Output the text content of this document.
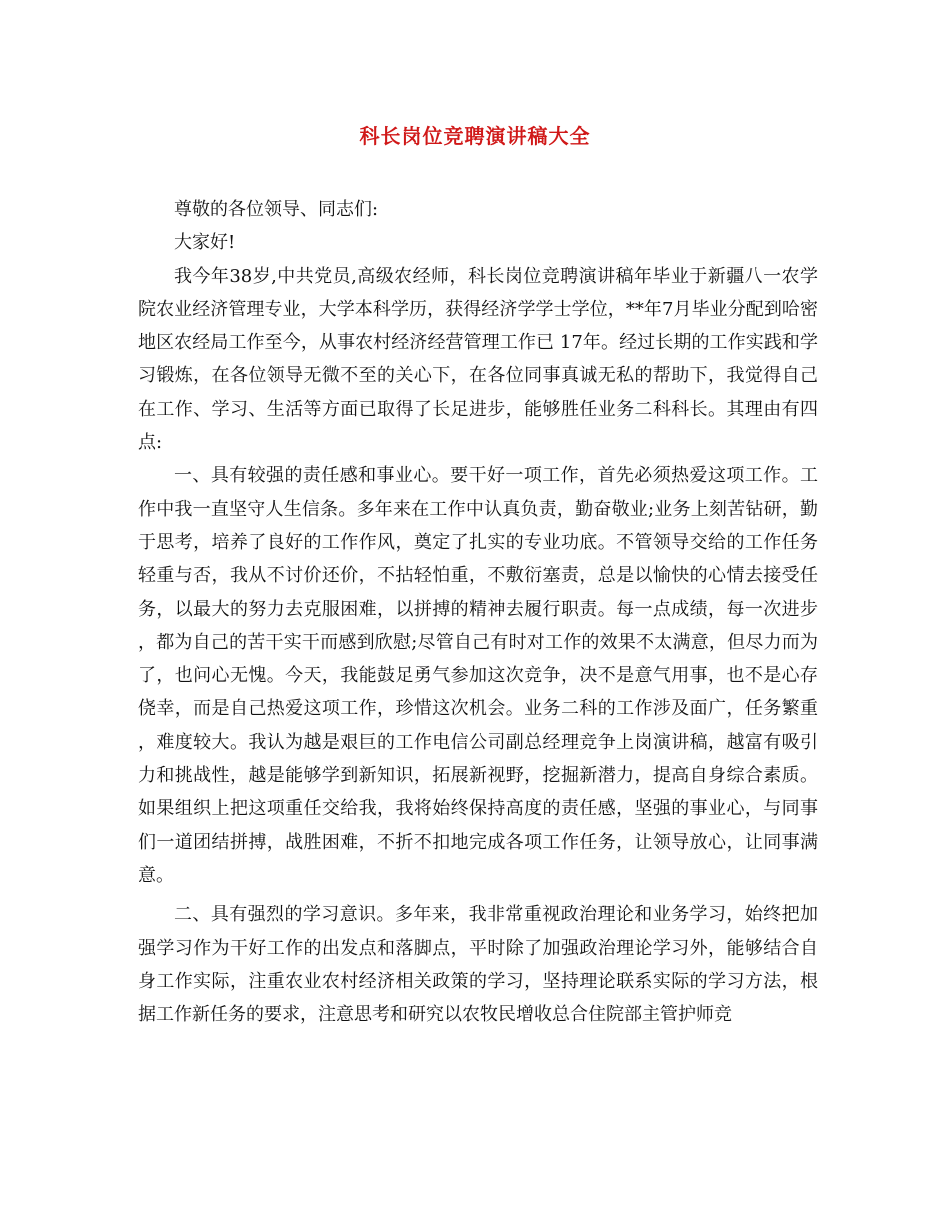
科长岗位竞聘演讲稿大全

尊敬的各位领导、同志们:

大家好!

我今年38岁,中共党员,高级农经师，科长岗位竞聘演讲稿年毕业于新疆八一农学院农业经济管理专业，大学本科学历，获得经济学学士学位，**年7月毕业分配到哈密地区农经局工作至今，从事农村经济经营管理工作已 17年。经过长期的工作实践和学习锻炼，在各位领导无微不至的关心下，在各位同事真诚无私的帮助下，我觉得自己在工作、学习、生活等方面已取得了长足进步，能够胜任业务二科科长。其理由有四点:

一、具有较强的责任感和事业心。要干好一项工作，首先必须热爱这项工作。工作中我一直坚守人生信条。多年来在工作中认真负责，勤奋敬业;业务上刻苦钻研，勤于思考，培养了良好的工作作风，奠定了扎实的专业功底。不管领导交给的工作任务轻重与否，我从不讨价还价，不拈轻怕重，不敷衍塞责，总是以愉快的心情去接受任务，以最大的努力去克服困难，以拼搏的精神去履行职责。每一点成绩，每一次进步，都为自己的苦干实干而感到欣慰;尽管自己有时对工作的效果不太满意，但尽力而为了，也问心无愧。今天，我能鼓足勇气参加这次竞争，决不是意气用事，也不是心存侥幸，而是自己热爱这项工作，珍惜这次机会。业务二科的工作涉及面广，任务繁重，难度较大。我认为越是艰巨的工作电信公司副总经理竞争上岗演讲稿，越富有吸引力和挑战性，越是能够学到新知识，拓展新视野，挖掘新潜力，提高自身综合素质。如果组织上把这项重任交给我，我将始终保持高度的责任感，坚强的事业心，与同事们一道团结拼搏，战胜困难，不折不扣地完成各项工作任务，让领导放心，让同事满意。

二、具有强烈的学习意识。多年来，我非常重视政治理论和业务学习，始终把加强学习作为干好工作的出发点和落脚点，平时除了加强政治理论学习外，能够结合自身工作实际，注重农业农村经济相关政策的学习，坚持理论联系实际的学习方法，根据工作新任务的要求，注意思考和研究以农牧民增收总合住院部主管护师竞
